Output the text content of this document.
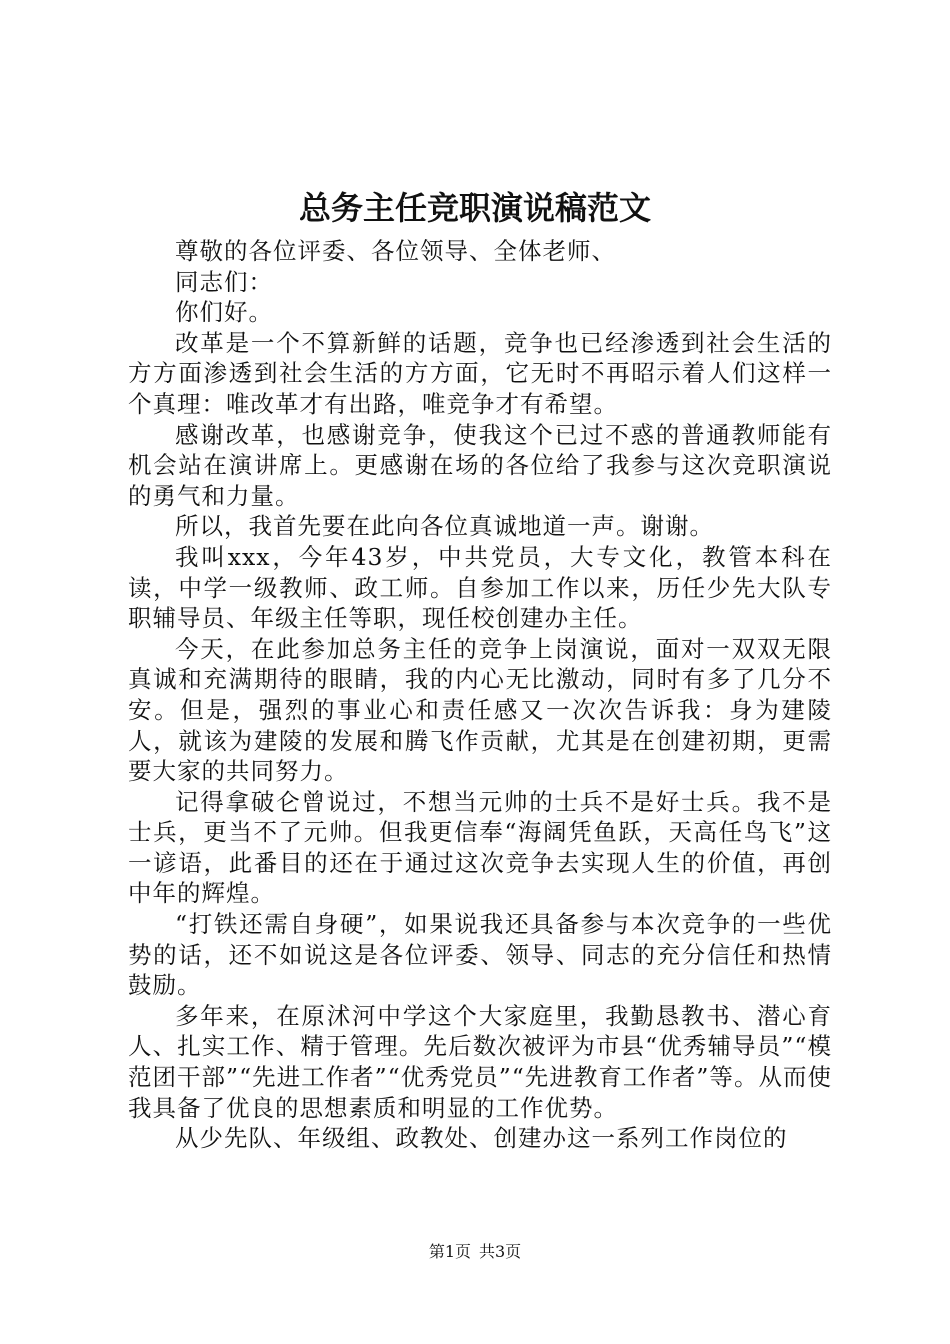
总务主任竞职演说稿范文

尊敬的各位评委、各位领导、全体老师、

同志们：

你们好。

改革是一个不算新鲜的话题，竞争也已经渗透到社会生活的方方面渗透到社会生活的方方面，它无时不再昭示着人们这样一个真理：唯改革才有出路，唯竞争才有希望。

感谢改革，也感谢竞争，使我这个已过不惑的普通教师能有机会站在演讲席上。更感谢在场的各位给了我参与这次竞职演说的勇气和力量。

所以，我首先要在此向各位真诚地道一声。谢谢。

我叫xxx，今年43岁，中共党员，大专文化，教管本科在读，中学一级教师、政工师。自参加工作以来，历任少先大队专职辅导员、年级主任等职，现任校创建办主任。

今天，在此参加总务主任的竞争上岗演说，面对一双双无限真诚和充满期待的眼睛，我的内心无比激动，同时有多了几分不安。但是，强烈的事业心和责任感又一次次告诉我：身为建陵人，就该为建陵的发展和腾飞作贡献，尤其是在创建初期，更需要大家的共同努力。

记得拿破仑曾说过，不想当元帅的士兵不是好士兵。我不是士兵，更当不了元帅。但我更信奉“海阔凭鱼跃，天高任鸟飞”这一谚语，此番目的还在于通过这次竞争去实现人生的价值，再创中年的辉煌。

“打铁还需自身硬”，如果说我还具备参与本次竞争的一些优势的话，还不如说这是各位评委、领导、同志的充分信任和热情鼓励。

多年来，在原沭河中学这个大家庭里，我勤恳教书、潜心育人、扎实工作、精于管理。先后数次被评为市县“优秀辅导员”“模范团干部”“先进工作者”“优秀党员”“先进教育工作者”等。从而使我具备了优良的思想素质和明显的工作优势。

从少先队、年级组、政教处、创建办这一系列工作岗位的

第1页 共3页
